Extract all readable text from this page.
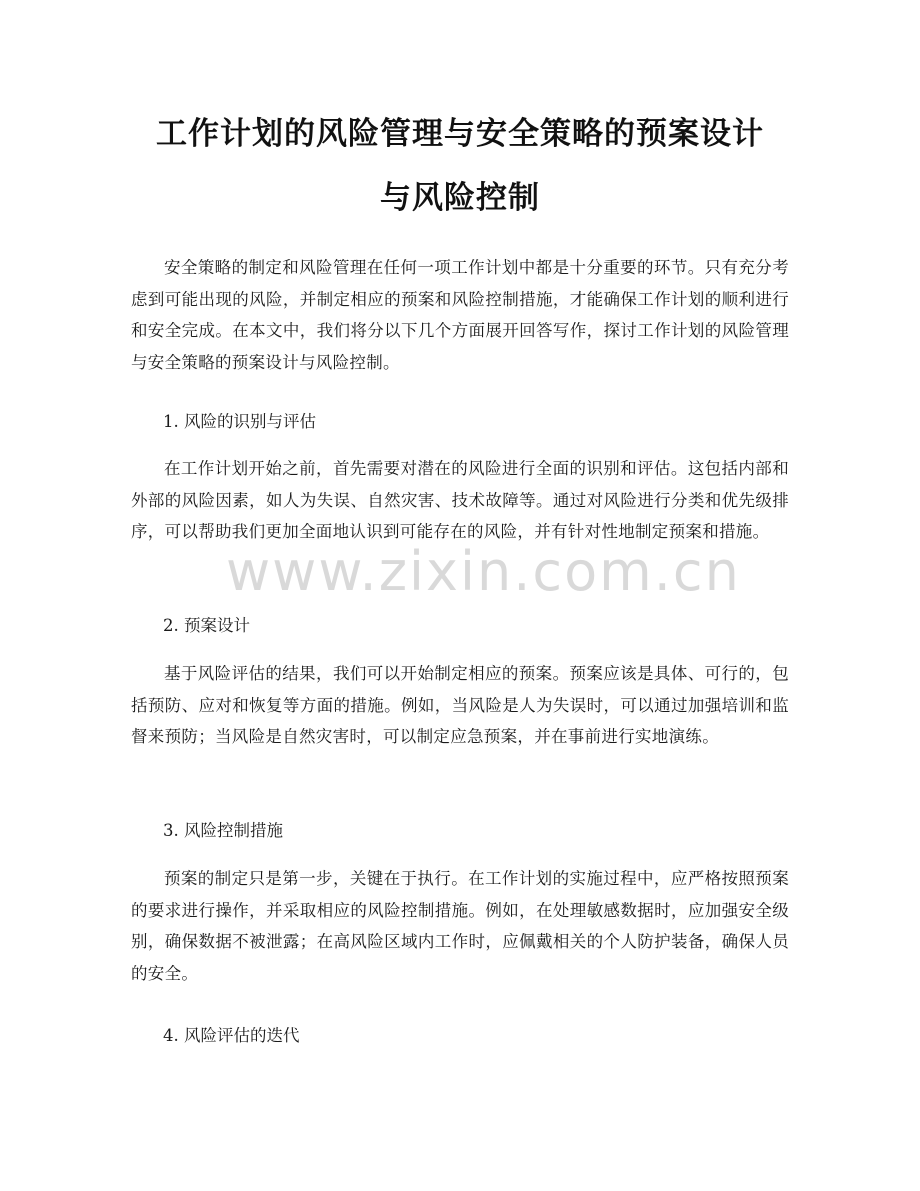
工作计划的风险管理与安全策略的预案设计
与风险控制

安全策略的制定和风险管理在任何一项工作计划中都是十分重要的环节。只有充分考虑到可能出现的风险，并制定相应的预案和风险控制措施，才能确保工作计划的顺利进行和安全完成。在本文中，我们将分以下几个方面展开回答写作，探讨工作计划的风险管理与安全策略的预案设计与风险控制。

1. 风险的识别与评估

在工作计划开始之前，首先需要对潜在的风险进行全面的识别和评估。这包括内部和外部的风险因素，如人为失误、自然灾害、技术故障等。通过对风险进行分类和优先级排序，可以帮助我们更加全面地认识到可能存在的风险，并有针对性地制定预案和措施。

2. 预案设计

基于风险评估的结果，我们可以开始制定相应的预案。预案应该是具体、可行的，包括预防、应对和恢复等方面的措施。例如，当风险是人为失误时，可以通过加强培训和监督来预防；当风险是自然灾害时，可以制定应急预案，并在事前进行实地演练。

3. 风险控制措施

预案的制定只是第一步，关键在于执行。在工作计划的实施过程中，应严格按照预案的要求进行操作，并采取相应的风险控制措施。例如，在处理敏感数据时，应加强安全级别，确保数据不被泄露；在高风险区域内工作时，应佩戴相关的个人防护装备，确保人员的安全。

4. 风险评估的迭代

www.zixin.com.cn
